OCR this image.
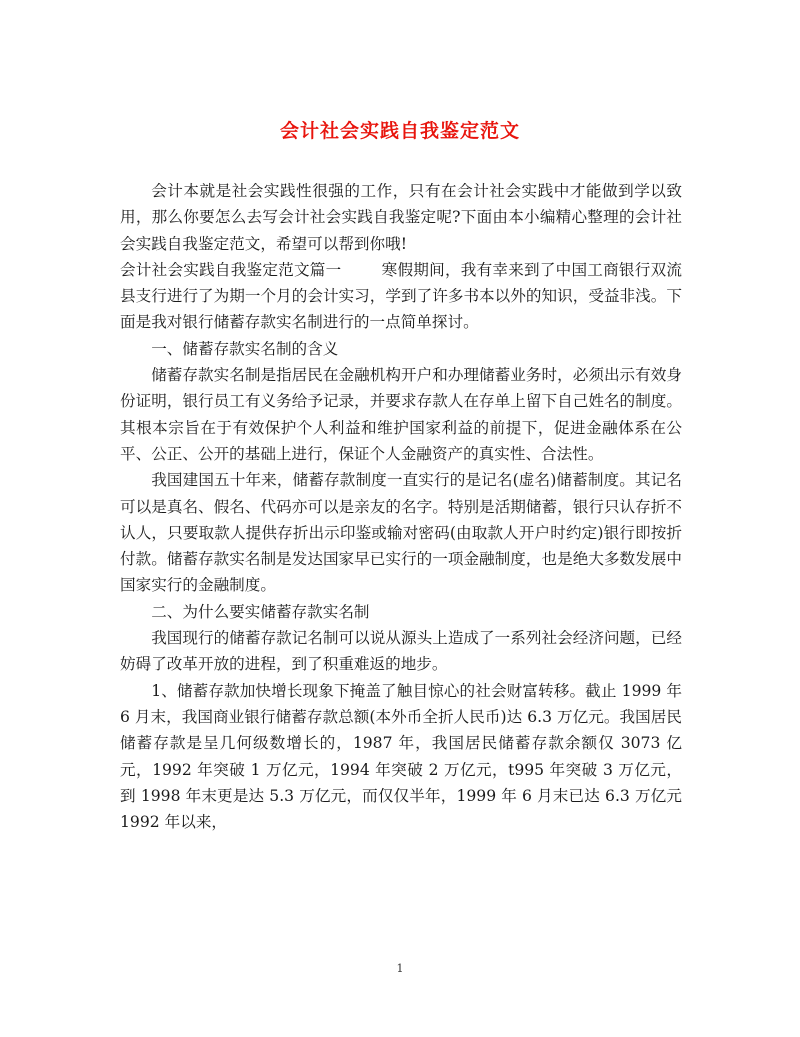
会计社会实践自我鉴定范文

会计本就是社会实践性很强的工作，只有在会计社会实践中才能做到学以致用，那么你要怎么去写会计社会实践自我鉴定呢?下面由本小编精心整理的会计社会实践自我鉴定范文，希望可以帮到你哦!

会计社会实践自我鉴定范文篇一	寒假期间，我有幸来到了中国工商银行双流县支行进行了为期一个月的会计实习，学到了许多书本以外的知识，受益非浅。下面是我对银行储蓄存款实名制进行的一点简单探讨。

一、储蓄存款实名制的含义

储蓄存款实名制是指居民在金融机构开户和办理储蓄业务时，必须出示有效身份证明，银行员工有义务给予记录，并要求存款人在存单上留下自己姓名的制度。其根本宗旨在于有效保护个人利益和维护国家利益的前提下，促进金融体系在公平、公正、公开的基础上进行，保证个人金融资产的真实性、合法性。

我国建国五十年来，储蓄存款制度一直实行的是记名(虚名)储蓄制度。其记名可以是真名、假名、代码亦可以是亲友的名字。特别是活期储蓄，银行只认存折不认人，只要取款人提供存折出示印鉴或输对密码(由取款人开户时约定)银行即按折付款。储蓄存款实名制是发达国家早已实行的一项金融制度，也是绝大多数发展中国家实行的金融制度。

二、为什么要实储蓄存款实名制

我国现行的储蓄存款记名制可以说从源头上造成了一系列社会经济问题，已经妨碍了改革开放的进程，到了积重难返的地步。

1、储蓄存款加快增长现象下掩盖了触目惊心的社会财富转移。截止 1999 年 6 月末，我国商业银行储蓄存款总额(本外币全折人民币)达 6.3 万亿元。我国居民储蓄存款是呈几何级数增长的，1987 年，我国居民储蓄存款余额仅 3073 亿元，1992 年突破 1 万亿元，1994 年突破 2 万亿元，t995 年突破 3 万亿元，到 1998 年末更是达 5.3 万亿元，而仅仅半年，1999 年 6 月末已达 6.3 万亿元 1992 年以来，

1
